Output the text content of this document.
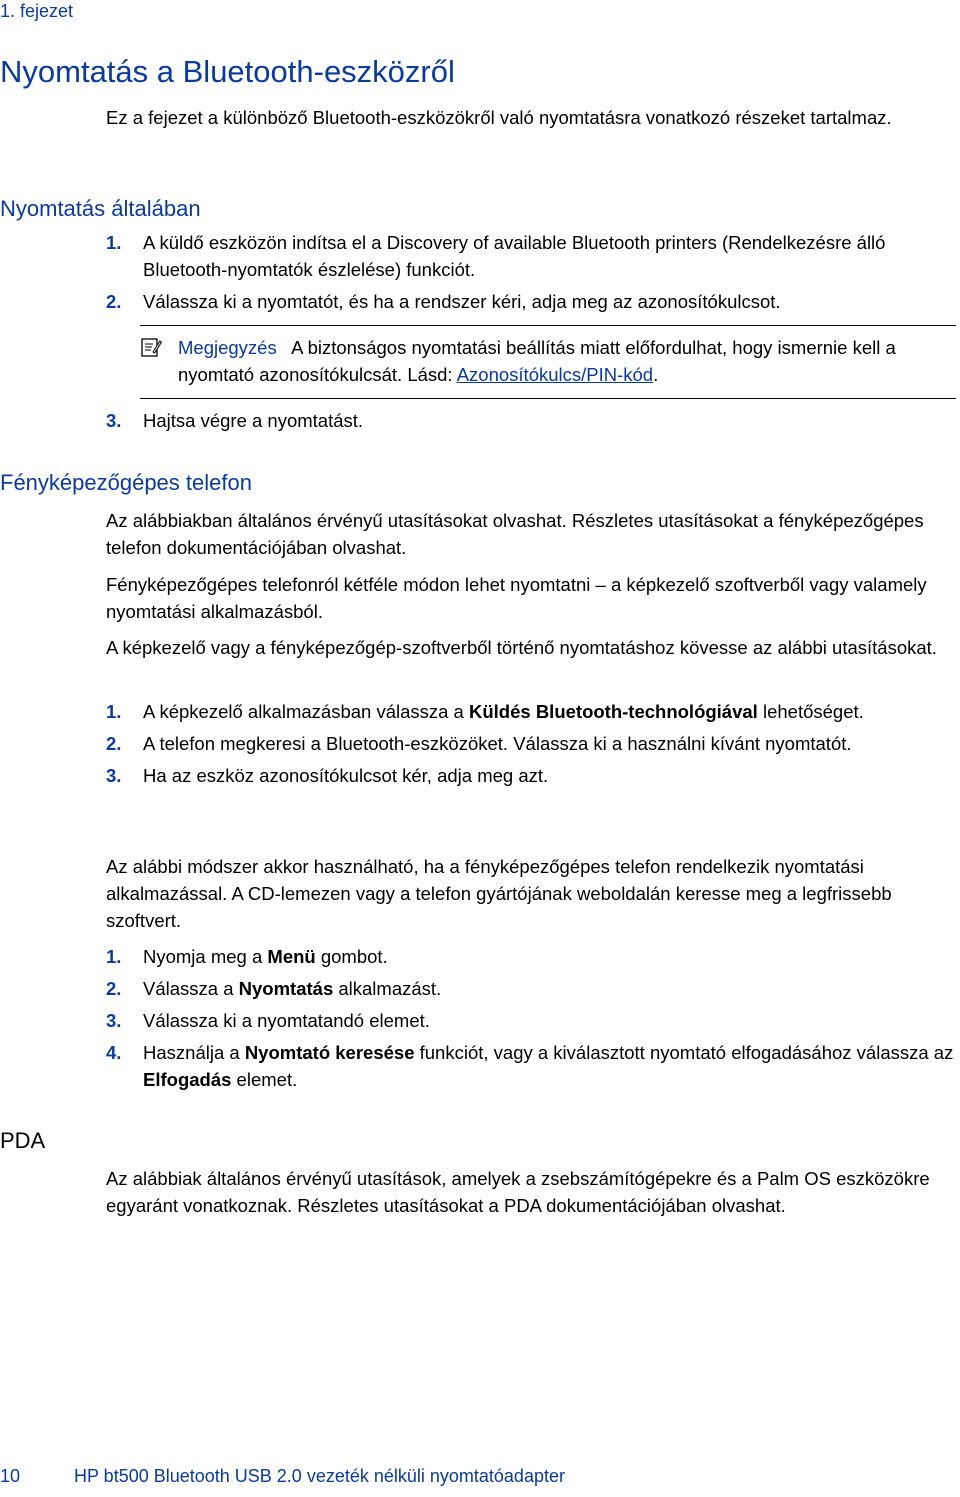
1. fejezet
Nyomtatás a Bluetooth-eszközről
Ez a fejezet a különböző Bluetooth-eszközökről való nyomtatásra vonatkozó részeket tartalmaz.
Nyomtatás általában
1. A küldő eszközön indítsa el a Discovery of available Bluetooth printers (Rendelkezésre álló Bluetooth-nyomtatók észlelése) funkciót.
2. Válassza ki a nyomtatót, és ha a rendszer kéri, adja meg az azonosítókulcsot.
Megjegyzés A biztonságos nyomtatási beállítás miatt előfordulhat, hogy ismernie kell a nyomtató azonosítókulcsát. Lásd: Azonosítókulcs/PIN-kód.
3. Hajtsa végre a nyomtatást.
Fényképezőgépes telefon
Az alábbiakban általános érvényű utasításokat olvashat. Részletes utasításokat a fényképezőgépes telefon dokumentációjában olvashat.
Fényképezőgépes telefonról kétféle módon lehet nyomtatni – a képkezelő szoftverből vagy valamely nyomtatási alkalmazásból.
A képkezelő vagy a fényképezőgép-szoftverből történő nyomtatáshoz kövesse az alábbi utasításokat.
1. A képkezelő alkalmazásban válassza a Küldés Bluetooth-technológiával lehetőséget.
2. A telefon megkeresi a Bluetooth-eszközöket. Válassza ki a használni kívánt nyomtatót.
3. Ha az eszköz azonosítókulcsot kér, adja meg azt.
Az alábbi módszer akkor használható, ha a fényképezőgépes telefon rendelkezik nyomtatási alkalmazással. A CD-lemezen vagy a telefon gyártójának weboldalán keresse meg a legfrissebb szoftvert.
1. Nyomja meg a Menü gombot.
2. Válassza a Nyomtatás alkalmazást.
3. Válassza ki a nyomtatandó elemet.
4. Használja a Nyomtató keresése funkciót, vagy a kiválasztott nyomtató elfogadásához válassza az Elfogadás elemet.
PDA
Az alábbiak általános érvényű utasítások, amelyek a zsebszámítógépekre és a Palm OS eszközökre egyaránt vonatkoznak. Részletes utasításokat a PDA dokumentációjában olvashat.
10	HP bt500 Bluetooth USB 2.0 vezeték nélküli nyomtatóadapter
